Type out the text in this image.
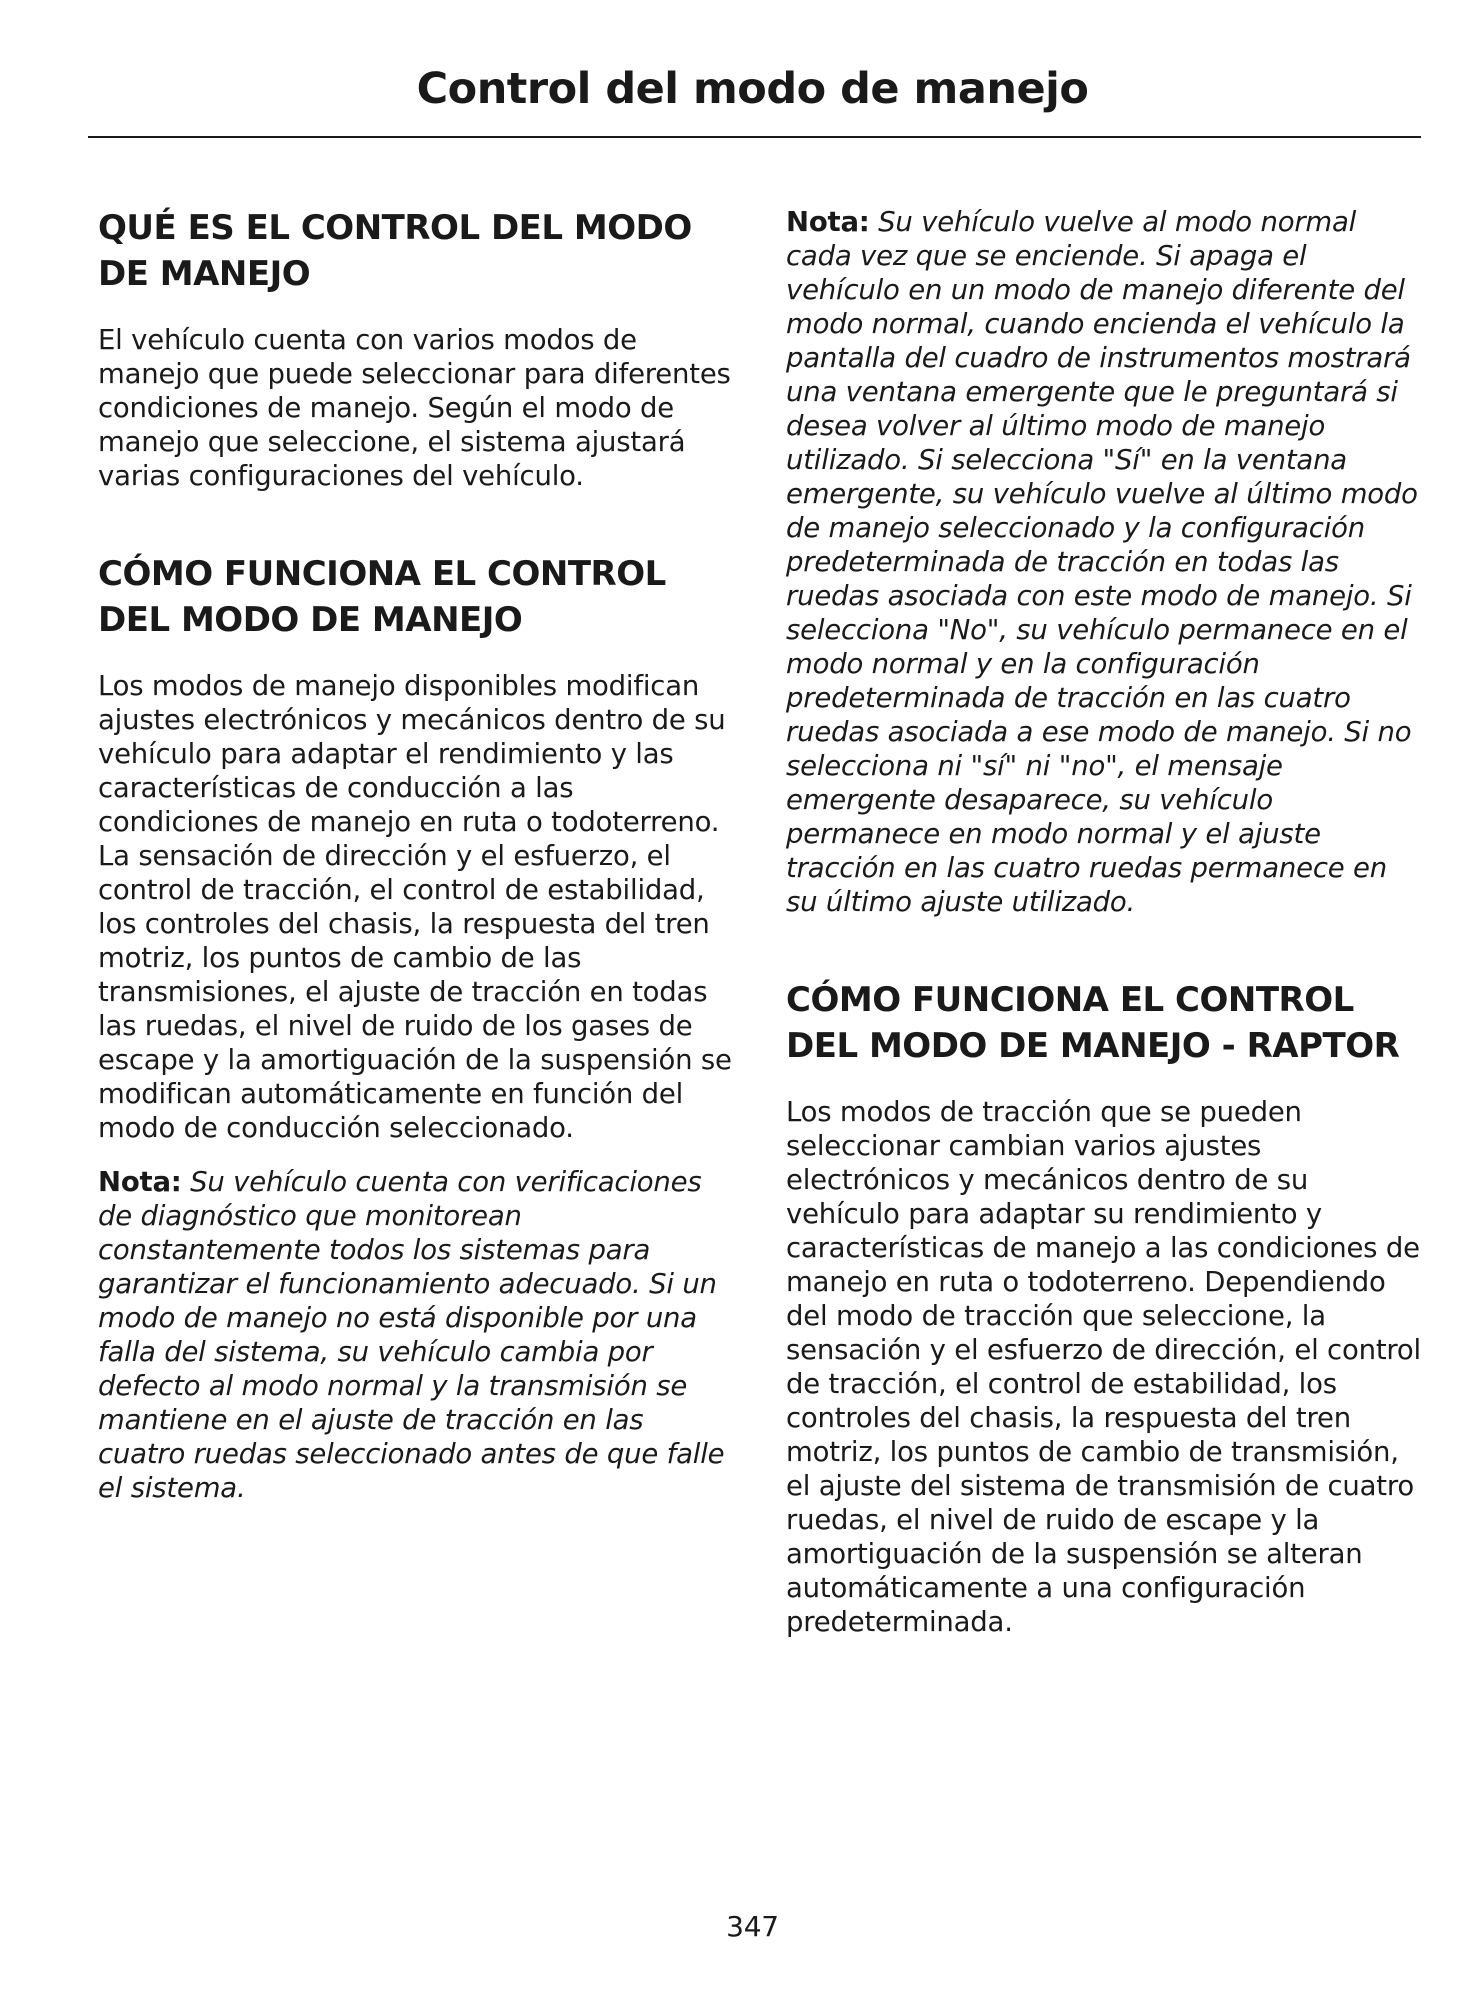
Control del modo de manejo
QUÉ ES EL CONTROL DEL MODO DE MANEJO

El vehículo cuenta con varios modos de manejo que puede seleccionar para diferentes condiciones de manejo. Según el modo de manejo que seleccione, el sistema ajustará varias configuraciones del vehículo.

CÓMO FUNCIONA EL CONTROL DEL MODO DE MANEJO

Los modos de manejo disponibles modifican ajustes electrónicos y mecánicos dentro de su vehículo para adaptar el rendimiento y las características de conducción a las condiciones de manejo en ruta o todoterreno. La sensación de dirección y el esfuerzo, el control de tracción, el control de estabilidad, los controles del chasis, la respuesta del tren motriz, los puntos de cambio de las transmisiones, el ajuste de tracción en todas las ruedas, el nivel de ruido de los gases de escape y la amortiguación de la suspensión se modifican automáticamente en función del modo de conducción seleccionado.

Nota: Su vehículo cuenta con verificaciones de diagnóstico que monitorean constantemente todos los sistemas para garantizar el funcionamiento adecuado. Si un modo de manejo no está disponible por una falla del sistema, su vehículo cambia por defecto al modo normal y la transmisión se mantiene en el ajuste de tracción en las cuatro ruedas seleccionado antes de que falle el sistema.

Nota: Su vehículo vuelve al modo normal cada vez que se enciende. Si apaga el vehículo en un modo de manejo diferente del modo normal, cuando encienda el vehículo la pantalla del cuadro de instrumentos mostrará una ventana emergente que le preguntará si desea volver al último modo de manejo utilizado. Si selecciona "Sí" en la ventana emergente, su vehículo vuelve al último modo de manejo seleccionado y la configuración predeterminada de tracción en todas las ruedas asociada con este modo de manejo. Si selecciona "No", su vehículo permanece en el modo normal y en la configuración predeterminada de tracción en las cuatro ruedas asociada a ese modo de manejo. Si no selecciona ni "sí" ni "no", el mensaje emergente desaparece, su vehículo permanece en modo normal y el ajuste tracción en las cuatro ruedas permanece en su último ajuste utilizado.

CÓMO FUNCIONA EL CONTROL DEL MODO DE MANEJO - RAPTOR

Los modos de tracción que se pueden seleccionar cambian varios ajustes electrónicos y mecánicos dentro de su vehículo para adaptar su rendimiento y características de manejo a las condiciones de manejo en ruta o todoterreno. Dependiendo del modo de tracción que seleccione, la sensación y el esfuerzo de dirección, el control de tracción, el control de estabilidad, los controles del chasis, la respuesta del tren motriz, los puntos de cambio de transmisión, el ajuste del sistema de transmisión de cuatro ruedas, el nivel de ruido de escape y la amortiguación de la suspensión se alteran automáticamente a una configuración predeterminada.

347
